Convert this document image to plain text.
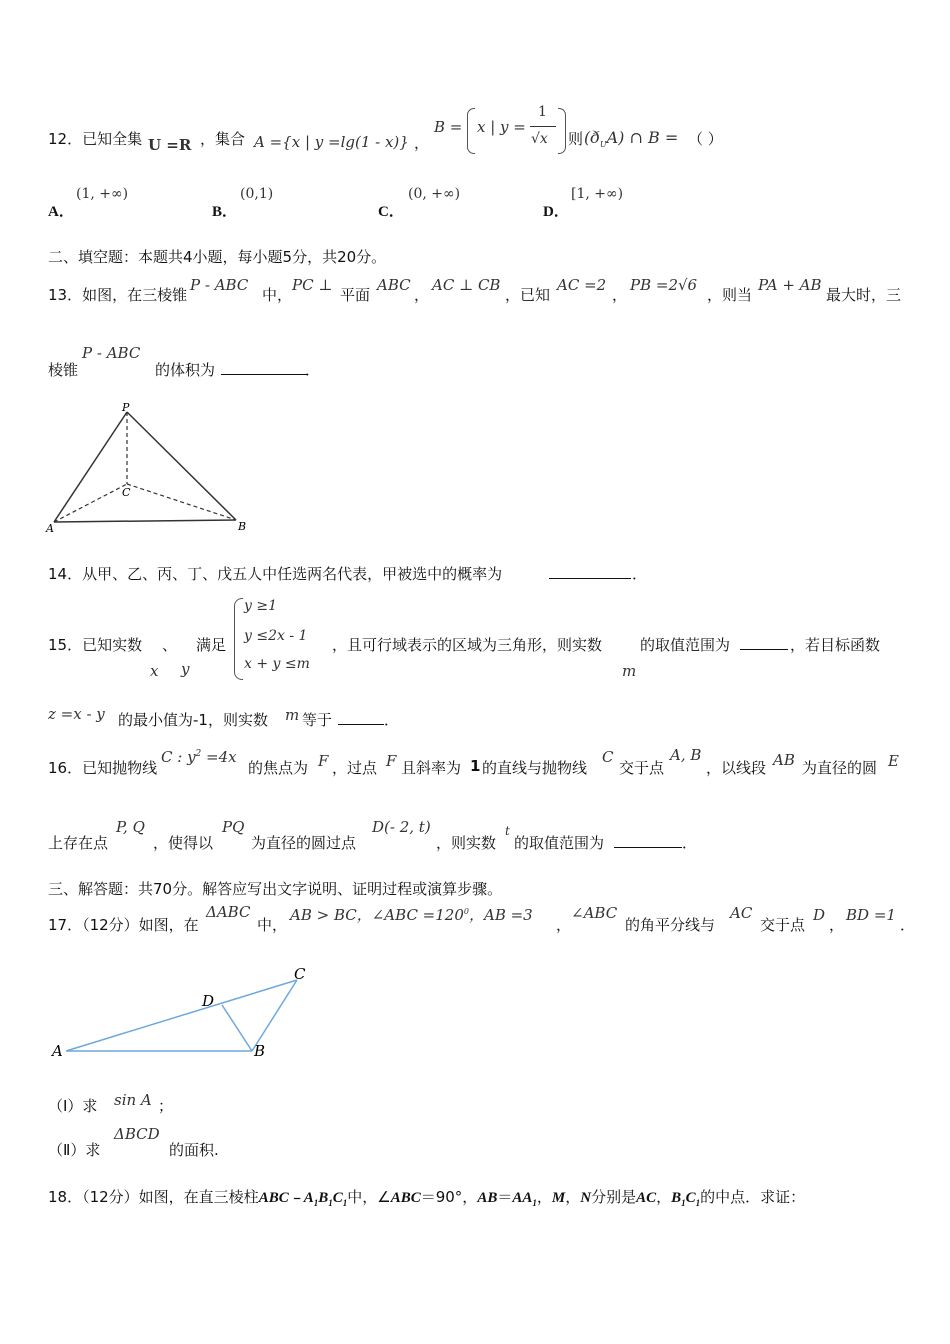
12．已知全集 U =R ，集合 A ={x | y =lg(1 - x)} ，
B = x | y =
1
√x 则 $(ð_UA)$ ∩ B = （ ）
A．
(1, +∞)
B．
(0,1)
C．
(0, +∞)
D．
[1, +∞)
二、填空题：本题共4小题，每小题5分，共20分。
13．如图，在三棱锥
P - ABC
中，
PC ⊥
平面
ABC
，
AC ⊥ CB
，已知
AC =2
，
PB =2√6
，则当
PA + AB
最大时，三
棱锥
P - ABC
的体积为	．
P
C
A	B
14．从甲、乙、丙、丁、戊五人中任选两名代表，甲被选中的概率为	．
15．已知实数 、 满足
x y
y ≥1
y ≤2x - 1
x + y ≤m
，且可行域表示的区域为三角形，则实数
m
的取值范围为	，若目标函数
z =x - y 的最小值为-1，则实数 m 等于	．
16．已知抛物线
C : $y^2 =4x$
的焦点为 F ，过点 F 且斜率为 1 的直线与抛物线
C
交于点
A, B
，以线段 AB 为直径的圆 E
上存在点
P, Q
，使得以
PQ
为直径的圆过点
D(- 2, t)
，则实数
t
的取值范围为	．
三、解答题：共70分。解答应写出文字说明、证明过程或演算步骤。
17．（12分）如图，在
ΔABC
中，
AB > BC，∠ABC $=120^0$，AB =3
，
∠ABC
的角平分线与
AC
交于点
D
，
BD =1
．
A	B
C
D
（Ⅰ）求 sin A ；
（Ⅱ）求
ΔBCD
的面积.
18．（12分）如图，在直三棱柱$ABC﹣A_1B_1C_1$中，∠ABC＝90°，$AB=AA_1$，M，N分别是AC，$B_1C_1$的中点．求证：
